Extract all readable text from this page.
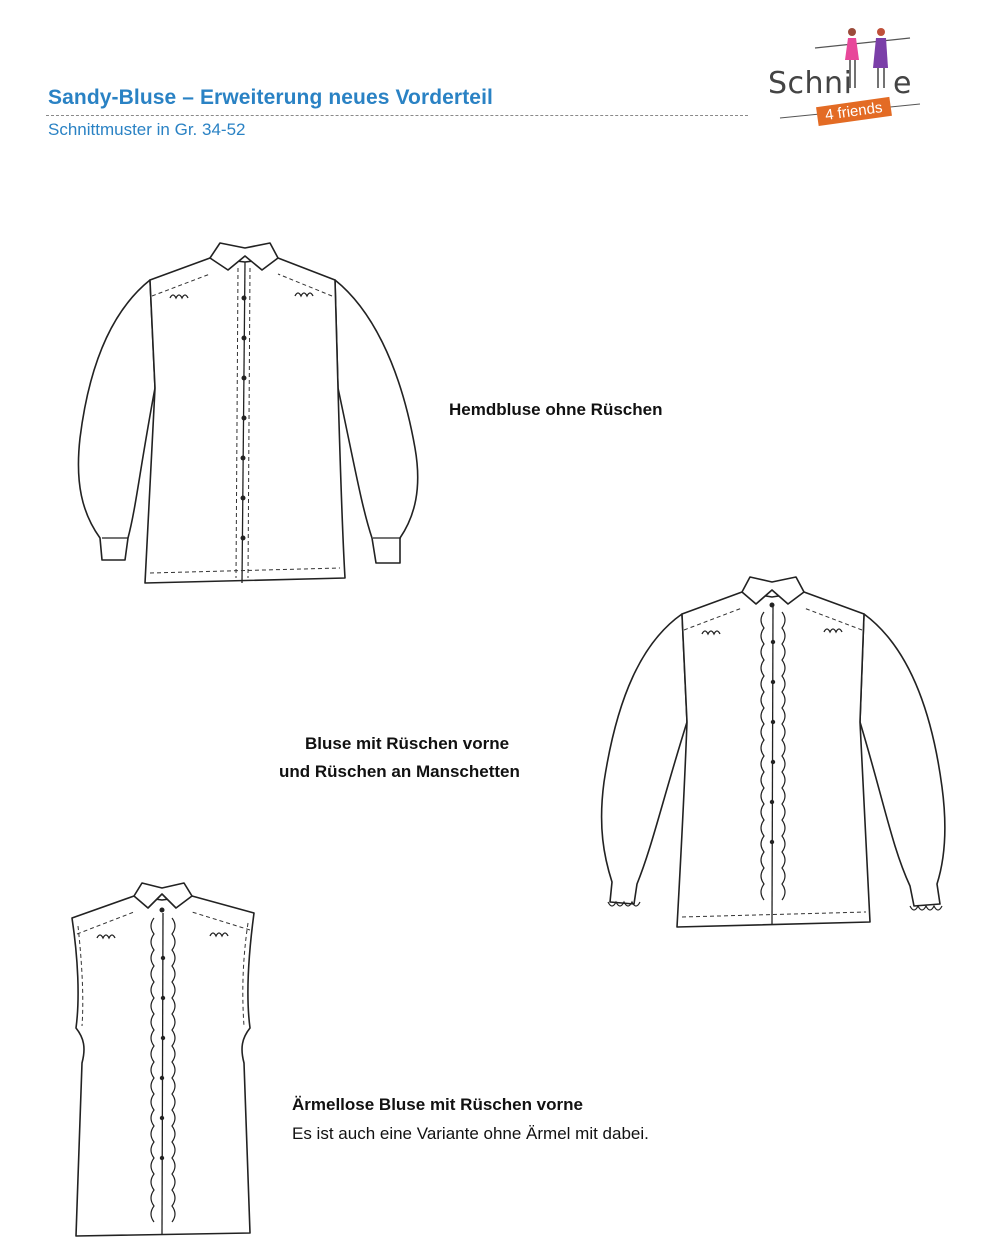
Sandy-Bluse – Erweiterung neues Vorderteil
Schnittmuster in Gr. 34-52
Schni e
4 friends
Hemdbluse ohne Rüschen
Bluse mit Rüschen vorne
und Rüschen an Manschetten
Ärmellose Bluse mit Rüschen vorne
Es ist auch eine Variante ohne Ärmel mit dabei.
